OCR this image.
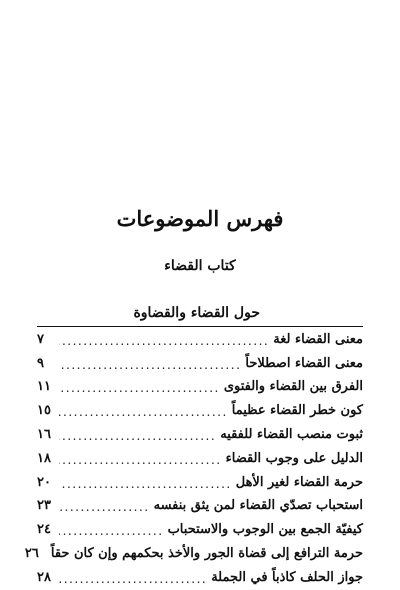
فهرس الموضوعات
كتاب القضاء
حول القضاء والقضاوة
معنى القضاء لغة
.....
٧
معنى القضاء اصطلاحاً
.....
٩
الفرق بين القضاء والفتوى
.....
١١
كون خطر القضاء عظيماً
.....
١٥
ثبوت منصب القضاء للفقيه
.....
١٦
الدليل على وجوب القضاء
.....
١٨
حرمة القضاء لغير الأهل
.....
٢٠
استحباب تصدّي القضاء لمن يثق بنفسه
.....
٢٣
كيفيّة الجمع بين الوجوب والاستحباب
.....
٢٤
حرمة الترافع إلى قضاة الجور والأخذ بحكمهم وإن كان حقاً
٢٦
جواز الحلف كاذباً في الجملة
.....
٢٨
